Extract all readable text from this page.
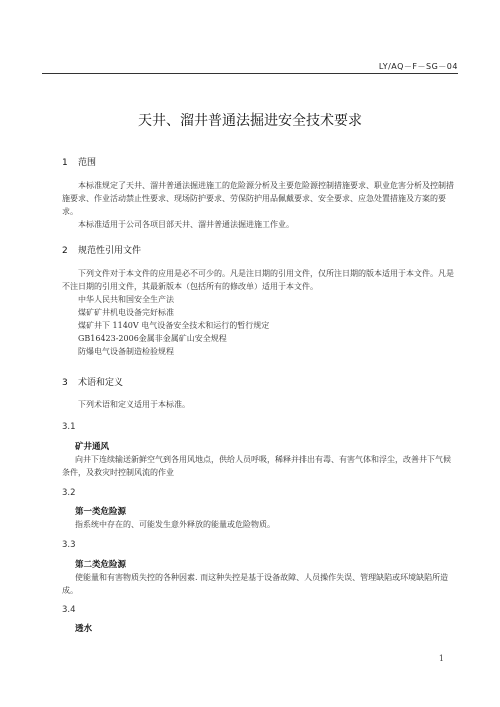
LY/AQ－F－SG－04
天井、溜井普通法掘进安全技术要求
1 范围
本标准规定了天井、溜井普通法掘进施工的危险源分析及主要危险源控制措施要求、职业危害分析及控制措施要求、作业活动禁止性要求、现场防护要求、劳保防护用品佩戴要求、安全要求、应急处置措施及方案的要求。
本标准适用于公司各项目部天井、溜井普通法掘进施工作业。
2 规范性引用文件
下列文件对于本文件的应用是必不可少的。凡是注日期的引用文件，仅所注日期的版本适用于本文件。凡是不注日期的引用文件，其最新版本（包括所有的修改单）适用于本文件。
中华人民共和国安全生产法
煤矿矿井机电设备完好标准
煤矿井下 1140V 电气设备安全技术和运行的暂行规定
GB16423-2006金属非金属矿山安全规程
防爆电气设备制造检验规程
3 术语和定义
下列术语和定义适用于本标准。
3.1
矿井通风
向井下连续输送新鲜空气到各用风地点，供给人员呼吸，稀释并排出有毒、有害气体和浮尘，改善井下气候条件，及救灾时控制风流的作业
3.2
第一类危险源
指系统中存在的、可能发生意外释放的能量或危险物质。
3.3
第二类危险源
使能量和有害物质失控的各种因素. 而这种失控是基于设备故障、人员操作失误、管理缺陷或环境缺陷所造成。
3.4
透水
1
